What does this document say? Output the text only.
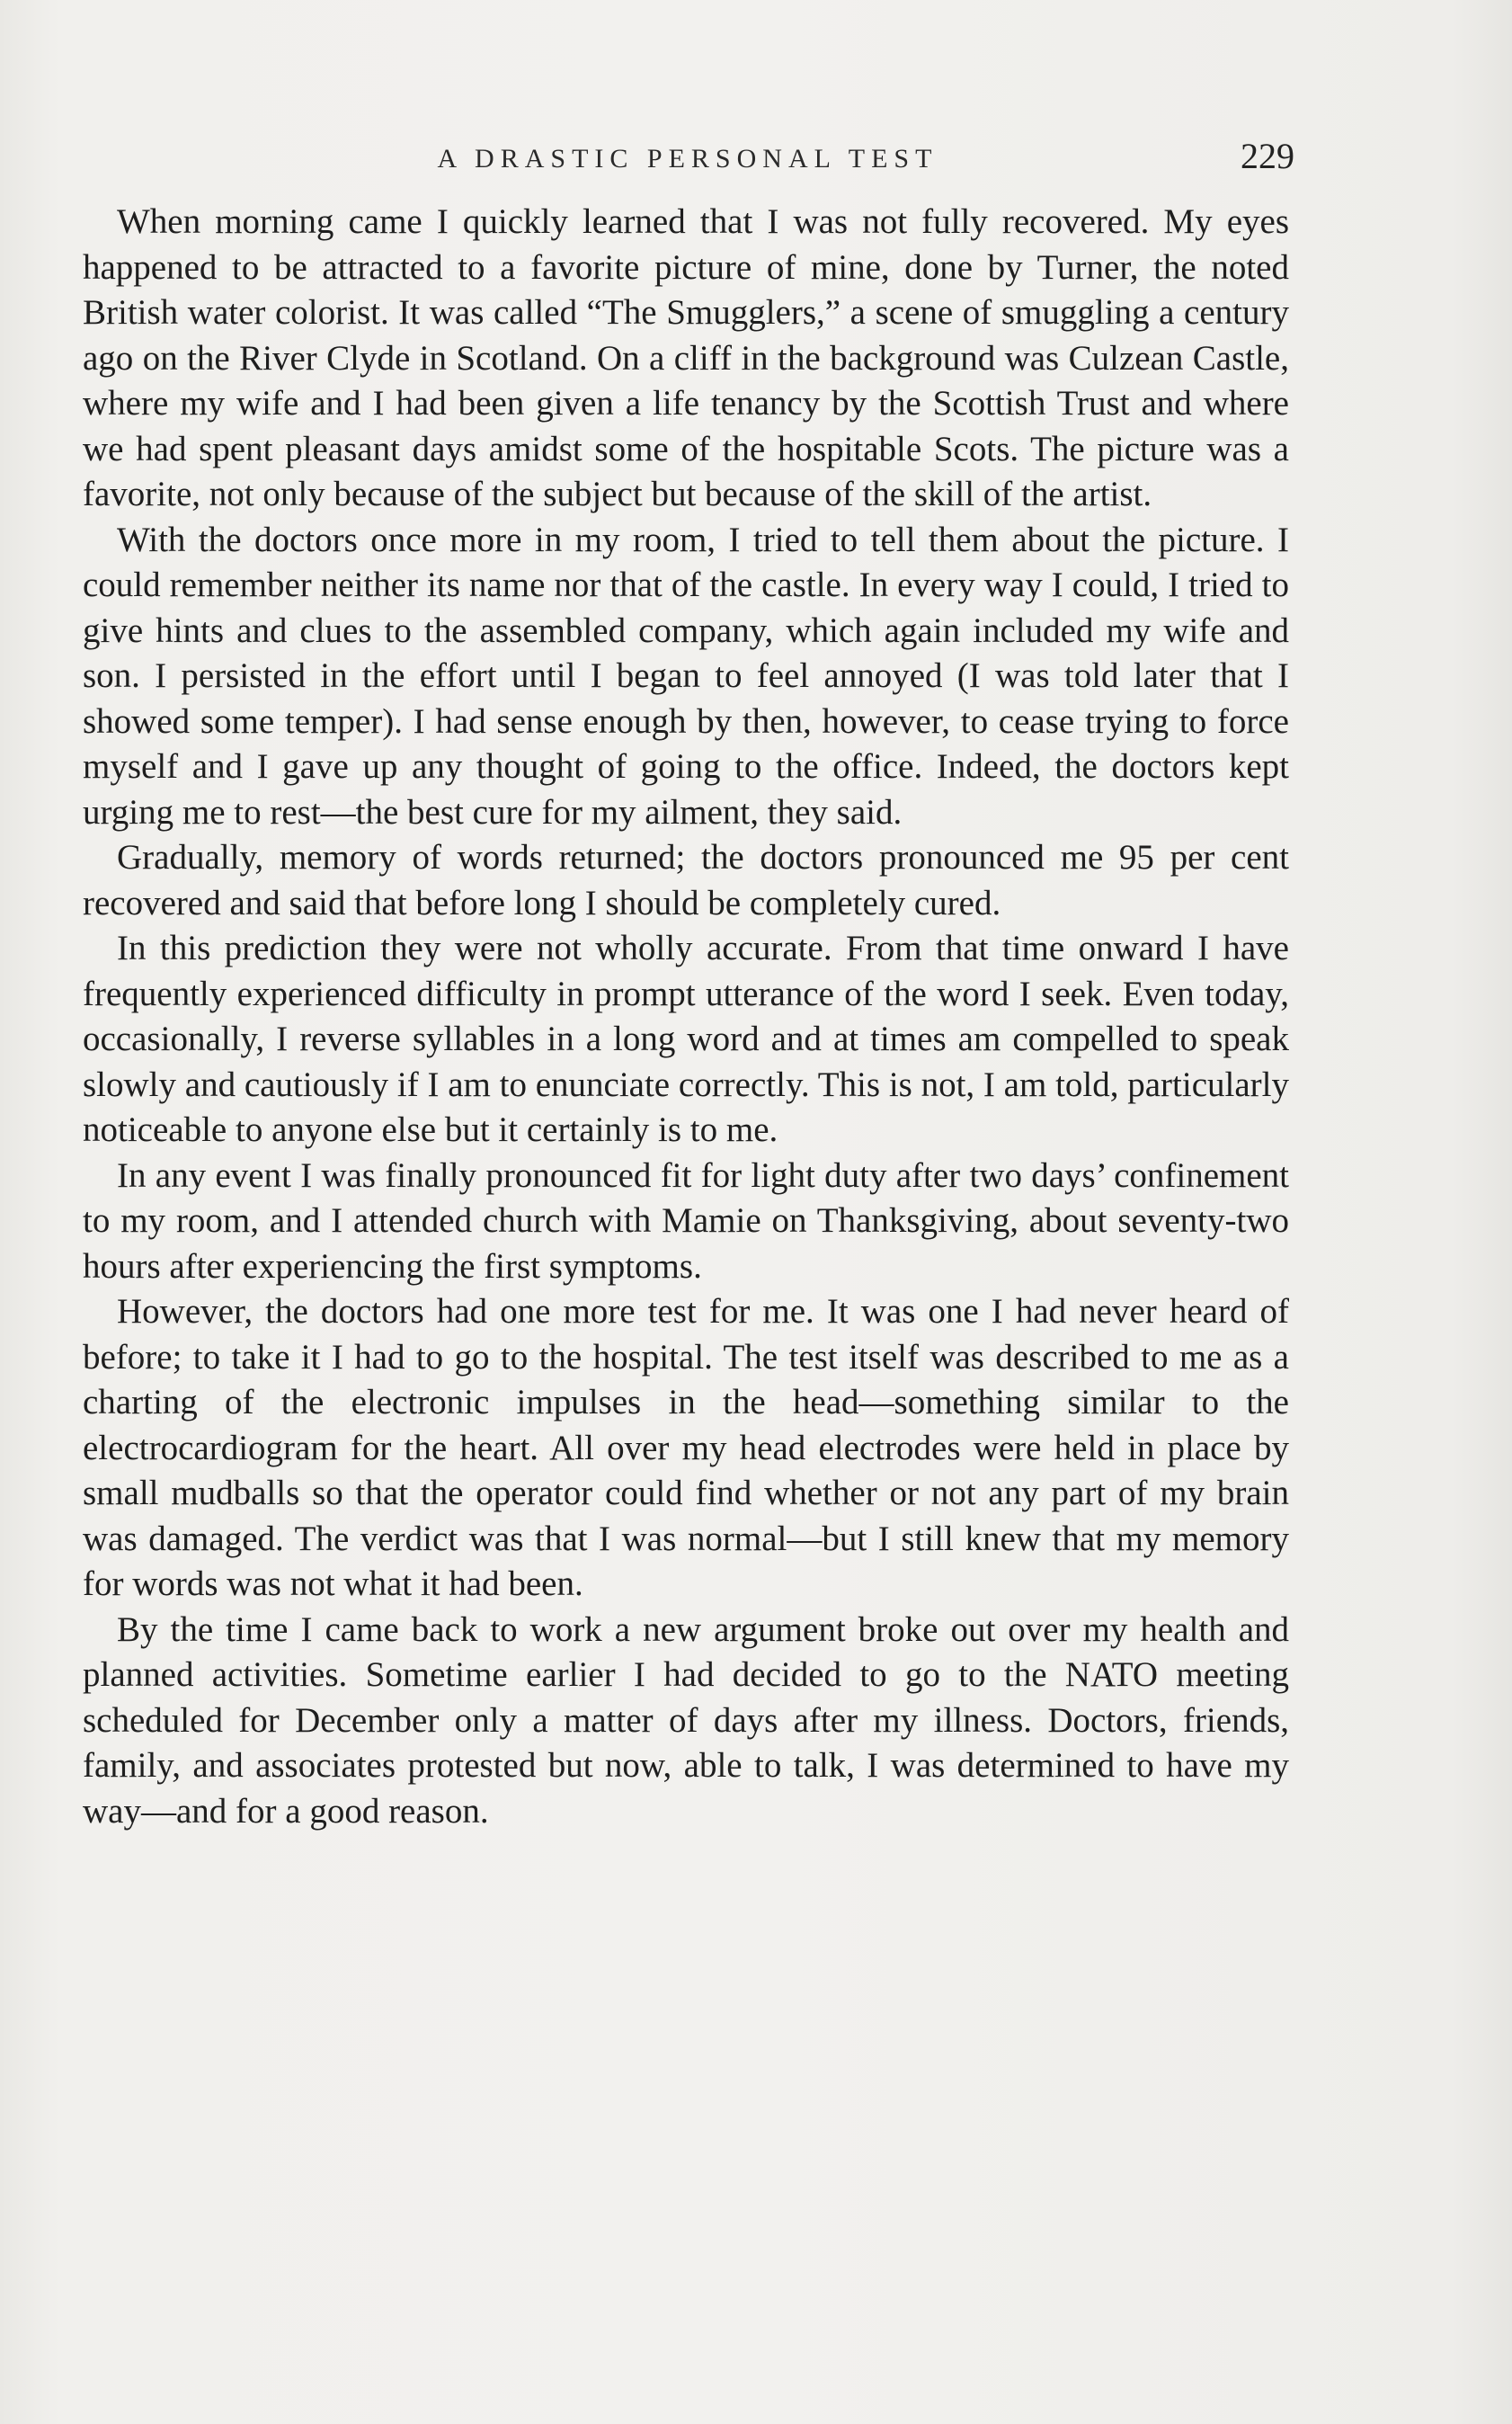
A DRASTIC PERSONAL TEST	229

When morning came I quickly learned that I was not fully recovered. My eyes happened to be attracted to a favorite picture of mine, done by Turner, the noted British water colorist. It was called “The Smugglers,” a scene of smuggling a century ago on the River Clyde in Scotland. On a cliff in the background was Culzean Castle, where my wife and I had been given a life tenancy by the Scottish Trust and where we had spent pleasant days amidst some of the hospitable Scots. The picture was a favorite, not only because of the subject but because of the skill of the artist.

With the doctors once more in my room, I tried to tell them about the picture. I could remember neither its name nor that of the castle. In every way I could, I tried to give hints and clues to the assembled company, which again included my wife and son. I persisted in the effort until I began to feel annoyed (I was told later that I showed some temper). I had sense enough by then, however, to cease trying to force myself and I gave up any thought of going to the office. Indeed, the doctors kept urging me to rest—the best cure for my ailment, they said.

Gradually, memory of words returned; the doctors pronounced me 95 per cent recovered and said that before long I should be completely cured.

In this prediction they were not wholly accurate. From that time onward I have frequently experienced difficulty in prompt utterance of the word I seek. Even today, occasionally, I reverse syllables in a long word and at times am compelled to speak slowly and cautiously if I am to enunciate correctly. This is not, I am told, particularly noticeable to anyone else but it certainly is to me.

In any event I was finally pronounced fit for light duty after two days’ confinement to my room, and I attended church with Mamie on Thanksgiving, about seventy-two hours after experiencing the first symptoms.

However, the doctors had one more test for me. It was one I had never heard of before; to take it I had to go to the hospital. The test itself was described to me as a charting of the electronic impulses in the head—something similar to the electrocardiogram for the heart. All over my head electrodes were held in place by small mudballs so that the operator could find whether or not any part of my brain was damaged. The verdict was that I was normal—but I still knew that my memory for words was not what it had been.

By the time I came back to work a new argument broke out over my health and planned activities. Sometime earlier I had decided to go to the NATO meeting scheduled for December only a matter of days after my illness. Doctors, friends, family, and associates protested but now, able to talk, I was determined to have my way—and for a good reason.
